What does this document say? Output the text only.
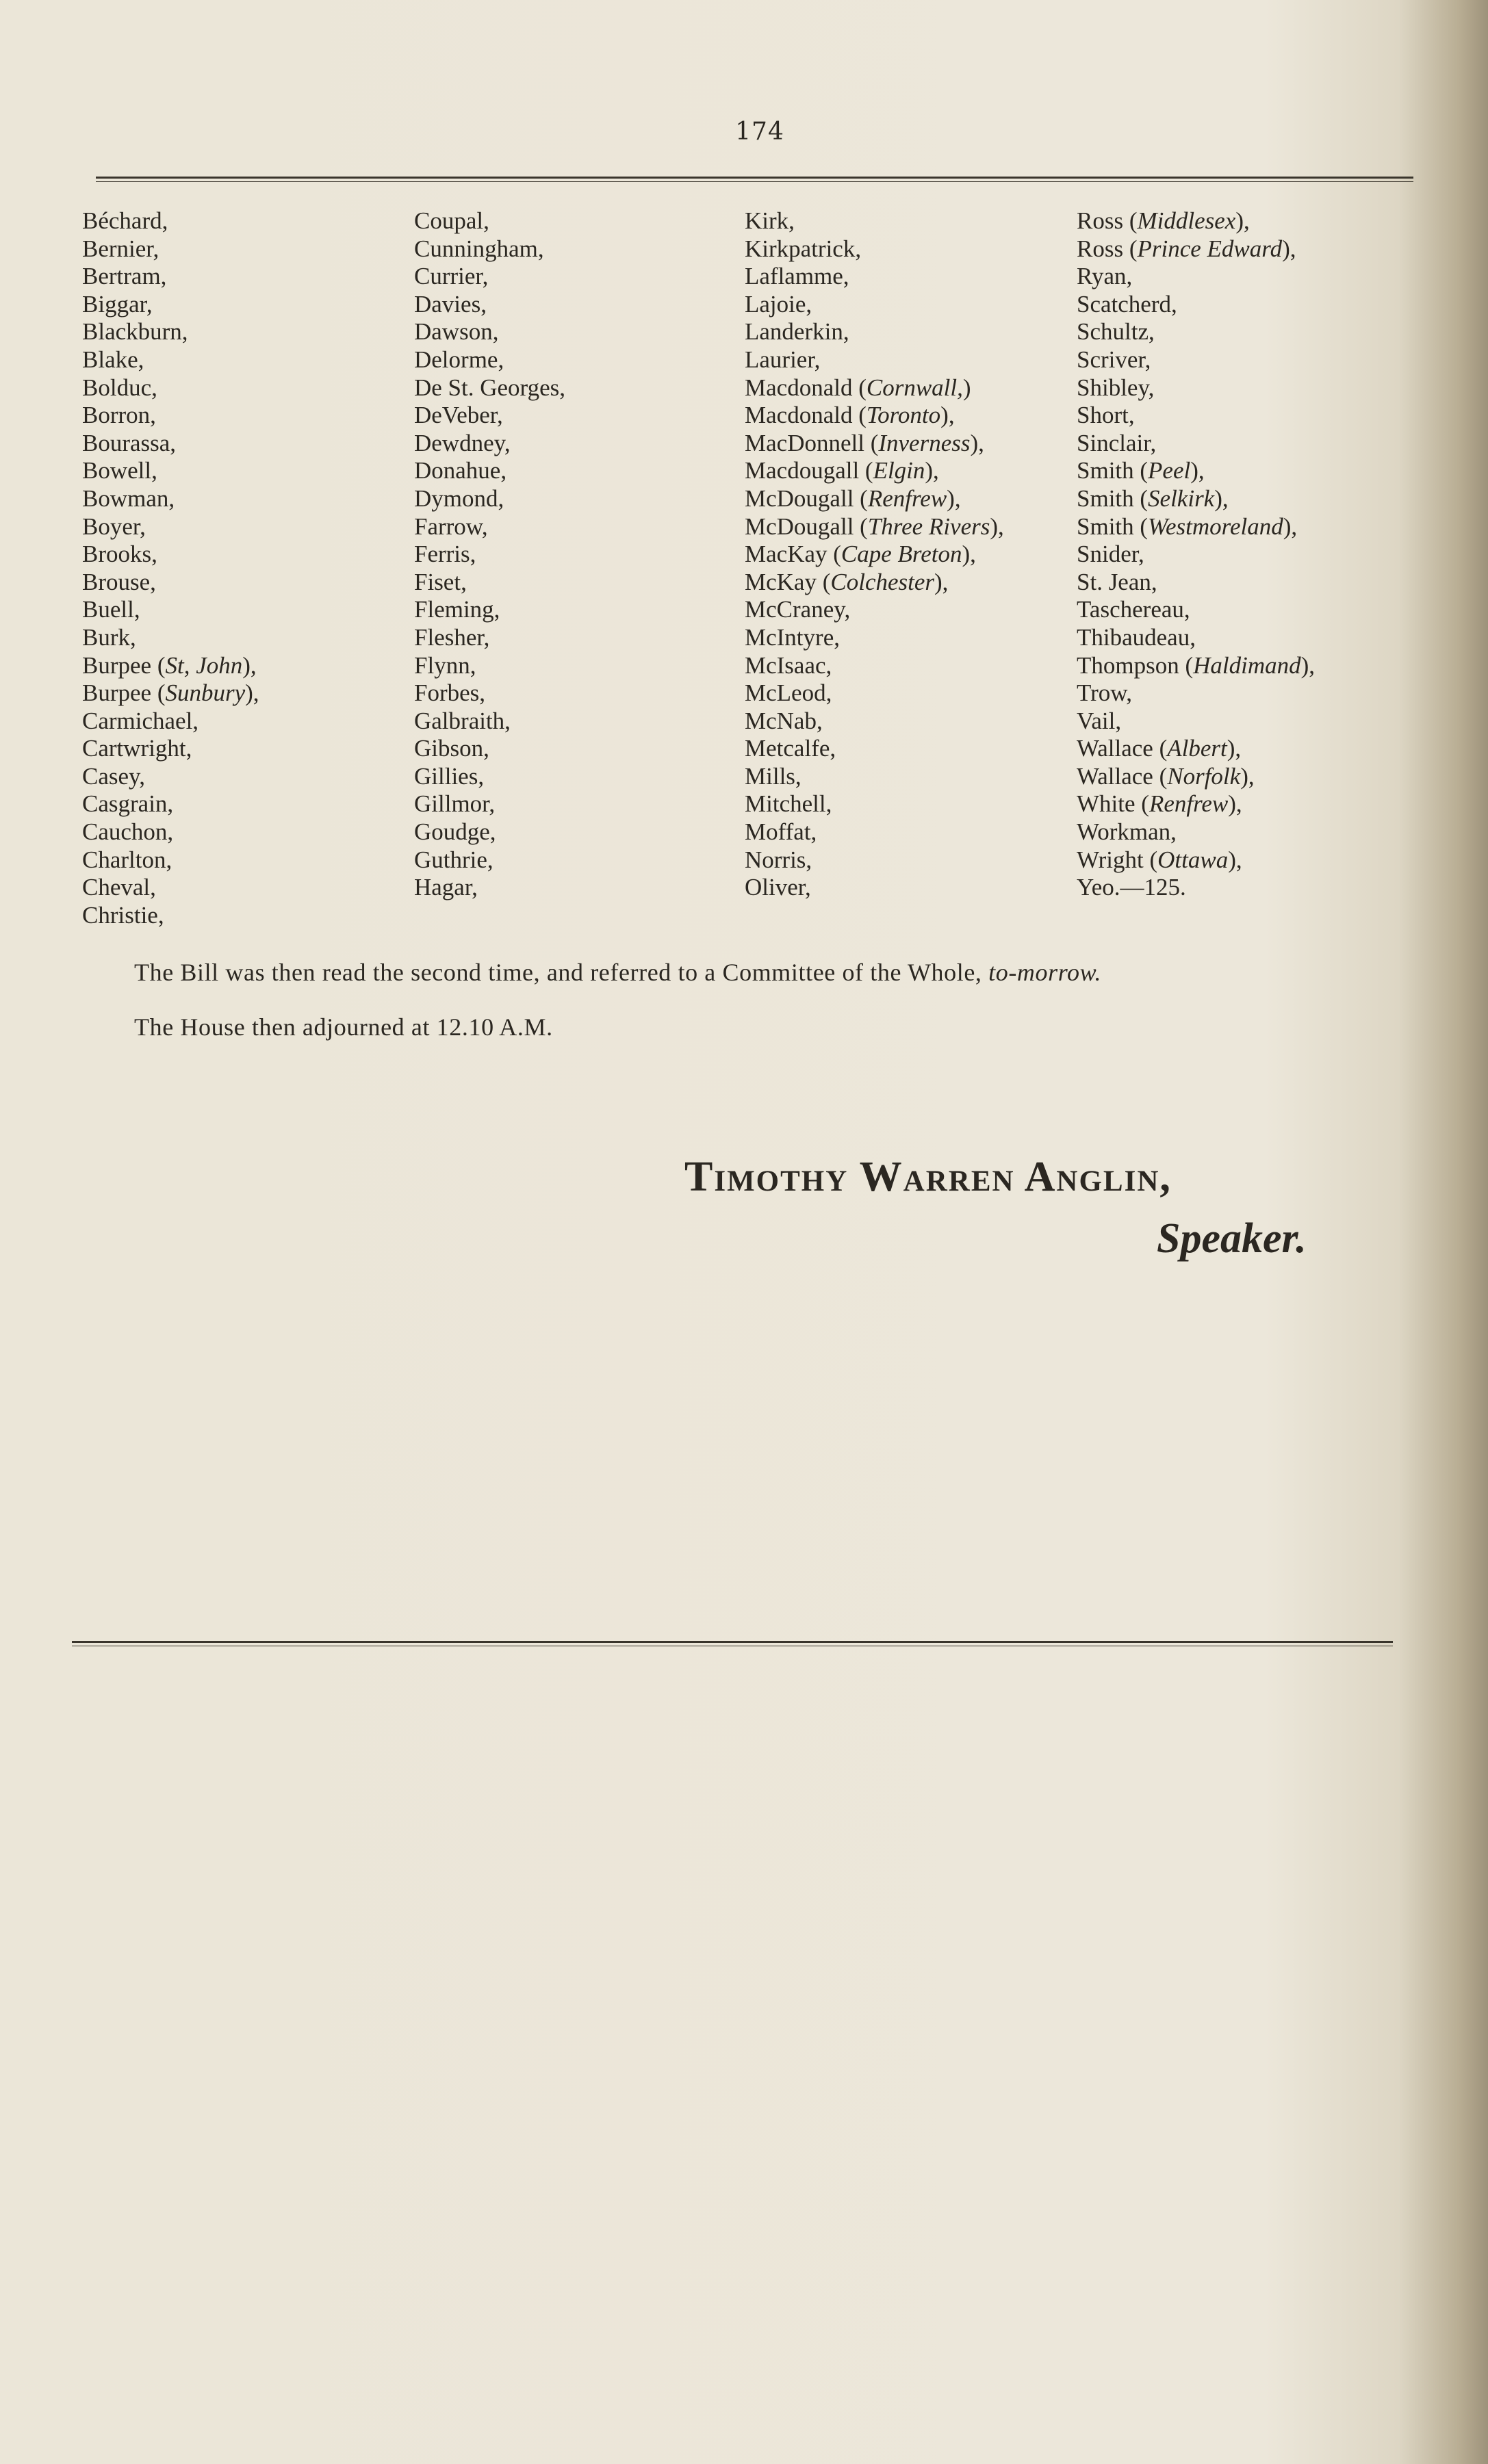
174
Béchard,
Bernier,
Bertram,
Biggar,
Blackburn,
Blake,
Bolduc,
Borron,
Bourassa,
Bowell,
Bowman,
Boyer,
Brooks,
Brouse,
Buell,
Burk,
Burpee (St, John),
Burpee (Sunbury),
Carmichael,
Cartwright,
Casey,
Casgrain,
Cauchon,
Charlton,
Cheval,
Christie,
Coupal,
Cunningham,
Currier,
Davies,
Dawson,
Delorme,
De St. Georges,
DeVeber,
Dewdney,
Donahue,
Dymond,
Farrow,
Ferris,
Fiset,
Fleming,
Flesher,
Flynn,
Forbes,
Galbraith,
Gibson,
Gillies,
Gillmor,
Goudge,
Guthrie,
Hagar,
Kirk,
Kirkpatrick,
Laflamme,
Lajoie,
Landerkin,
Laurier,
Macdonald (Cornwall,)
Macdonald (Toronto),
MacDonnell (Inverness),
Macdougall (Elgin),
McDougall (Renfrew),
McDougall (Three Rivers),
MacKay (Cape Breton),
McKay (Colchester),
McCraney,
McIntyre,
McIsaac,
McLeod,
McNab,
Metcalfe,
Mills,
Mitchell,
Moffat,
Norris,
Oliver,
Ross (Middlesex),
Ross (Prince Edward),
Ryan,
Scatcherd,
Schultz,
Scriver,
Shibley,
Short,
Sinclair,
Smith (Peel),
Smith (Selkirk),
Smith (Westmoreland),
Snider,
St. Jean,
Taschereau,
Thibaudeau,
Thompson (Haldimand),
Trow,
Vail,
Wallace (Albert),
Wallace (Norfolk),
White (Renfrew),
Workman,
Wright (Ottawa),
Yeo.—125.
The Bill was then read the second time, and referred to a Committee of the Whole, to-morrow.
The House then adjourned at 12.10 A.M.
Timothy Warren Anglin,
Speaker.
